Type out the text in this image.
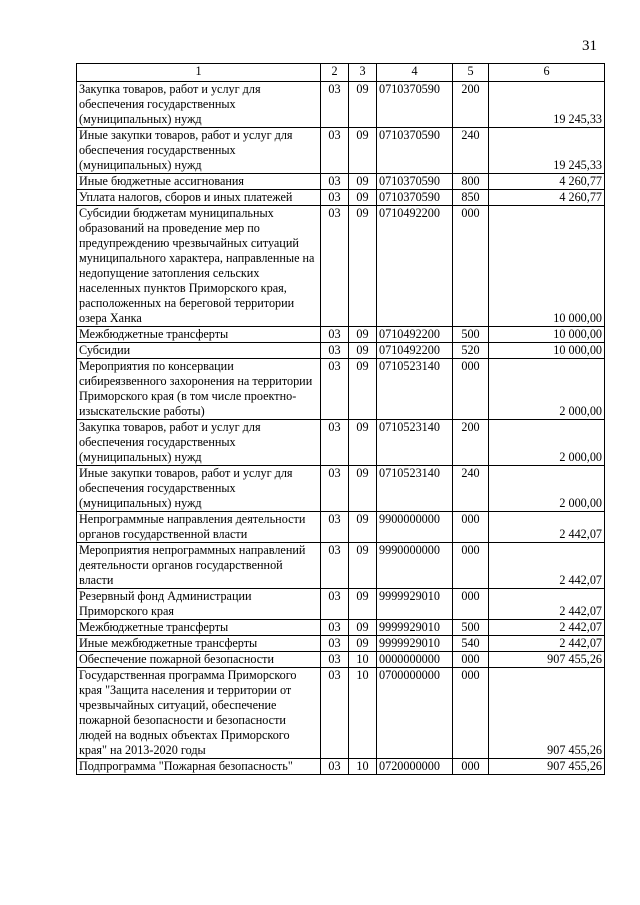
31
1	2	3	4	5	6
Закупка товаров, работ и услуг для обеспечения государственных (муниципальных) нужд	03	09	0710370590	200	19 245,33
Иные закупки товаров, работ и услуг для обеспечения государственных (муниципальных) нужд	03	09	0710370590	240	19 245,33
Иные бюджетные ассигнования	03	09	0710370590	800	4 260,77
Уплата налогов, сборов и иных платежей	03	09	0710370590	850	4 260,77
Субсидии бюджетам муниципальных образований на проведение мер по предупреждению чрезвычайных ситуаций муниципального характера, направленные на недопущение затопления сельских населенных пунктов Приморского края, расположенных на береговой территории озера Ханка	03	09	0710492200	000	10 000,00
Межбюджетные трансферты	03	09	0710492200	500	10 000,00
Субсидии	03	09	0710492200	520	10 000,00
Мероприятия по консервации сибиреязвенного захоронения на территории Приморского края (в том числе проектно-изыскательские работы)	03	09	0710523140	000	2 000,00
Закупка товаров, работ и услуг для обеспечения государственных (муниципальных) нужд	03	09	0710523140	200	2 000,00
Иные закупки товаров, работ и услуг для обеспечения государственных (муниципальных) нужд	03	09	0710523140	240	2 000,00
Непрограммные направления деятельности органов государственной власти	03	09	9900000000	000	2 442,07
Мероприятия непрограммных направлений деятельности органов государственной власти	03	09	9990000000	000	2 442,07
Резервный фонд Администрации Приморского края	03	09	9999929010	000	2 442,07
Межбюджетные трансферты	03	09	9999929010	500	2 442,07
Иные межбюджетные трансферты	03	09	9999929010	540	2 442,07
Обеспечение пожарной безопасности	03	10	0000000000	000	907 455,26
Государственная программа Приморского края "Защита населения и территории от чрезвычайных ситуаций, обеспечение пожарной безопасности и безопасности людей на водных объектах Приморского края" на 2013-2020 годы	03	10	0700000000	000	907 455,26
Подпрограмма "Пожарная безопасность"	03	10	0720000000	000	907 455,26
